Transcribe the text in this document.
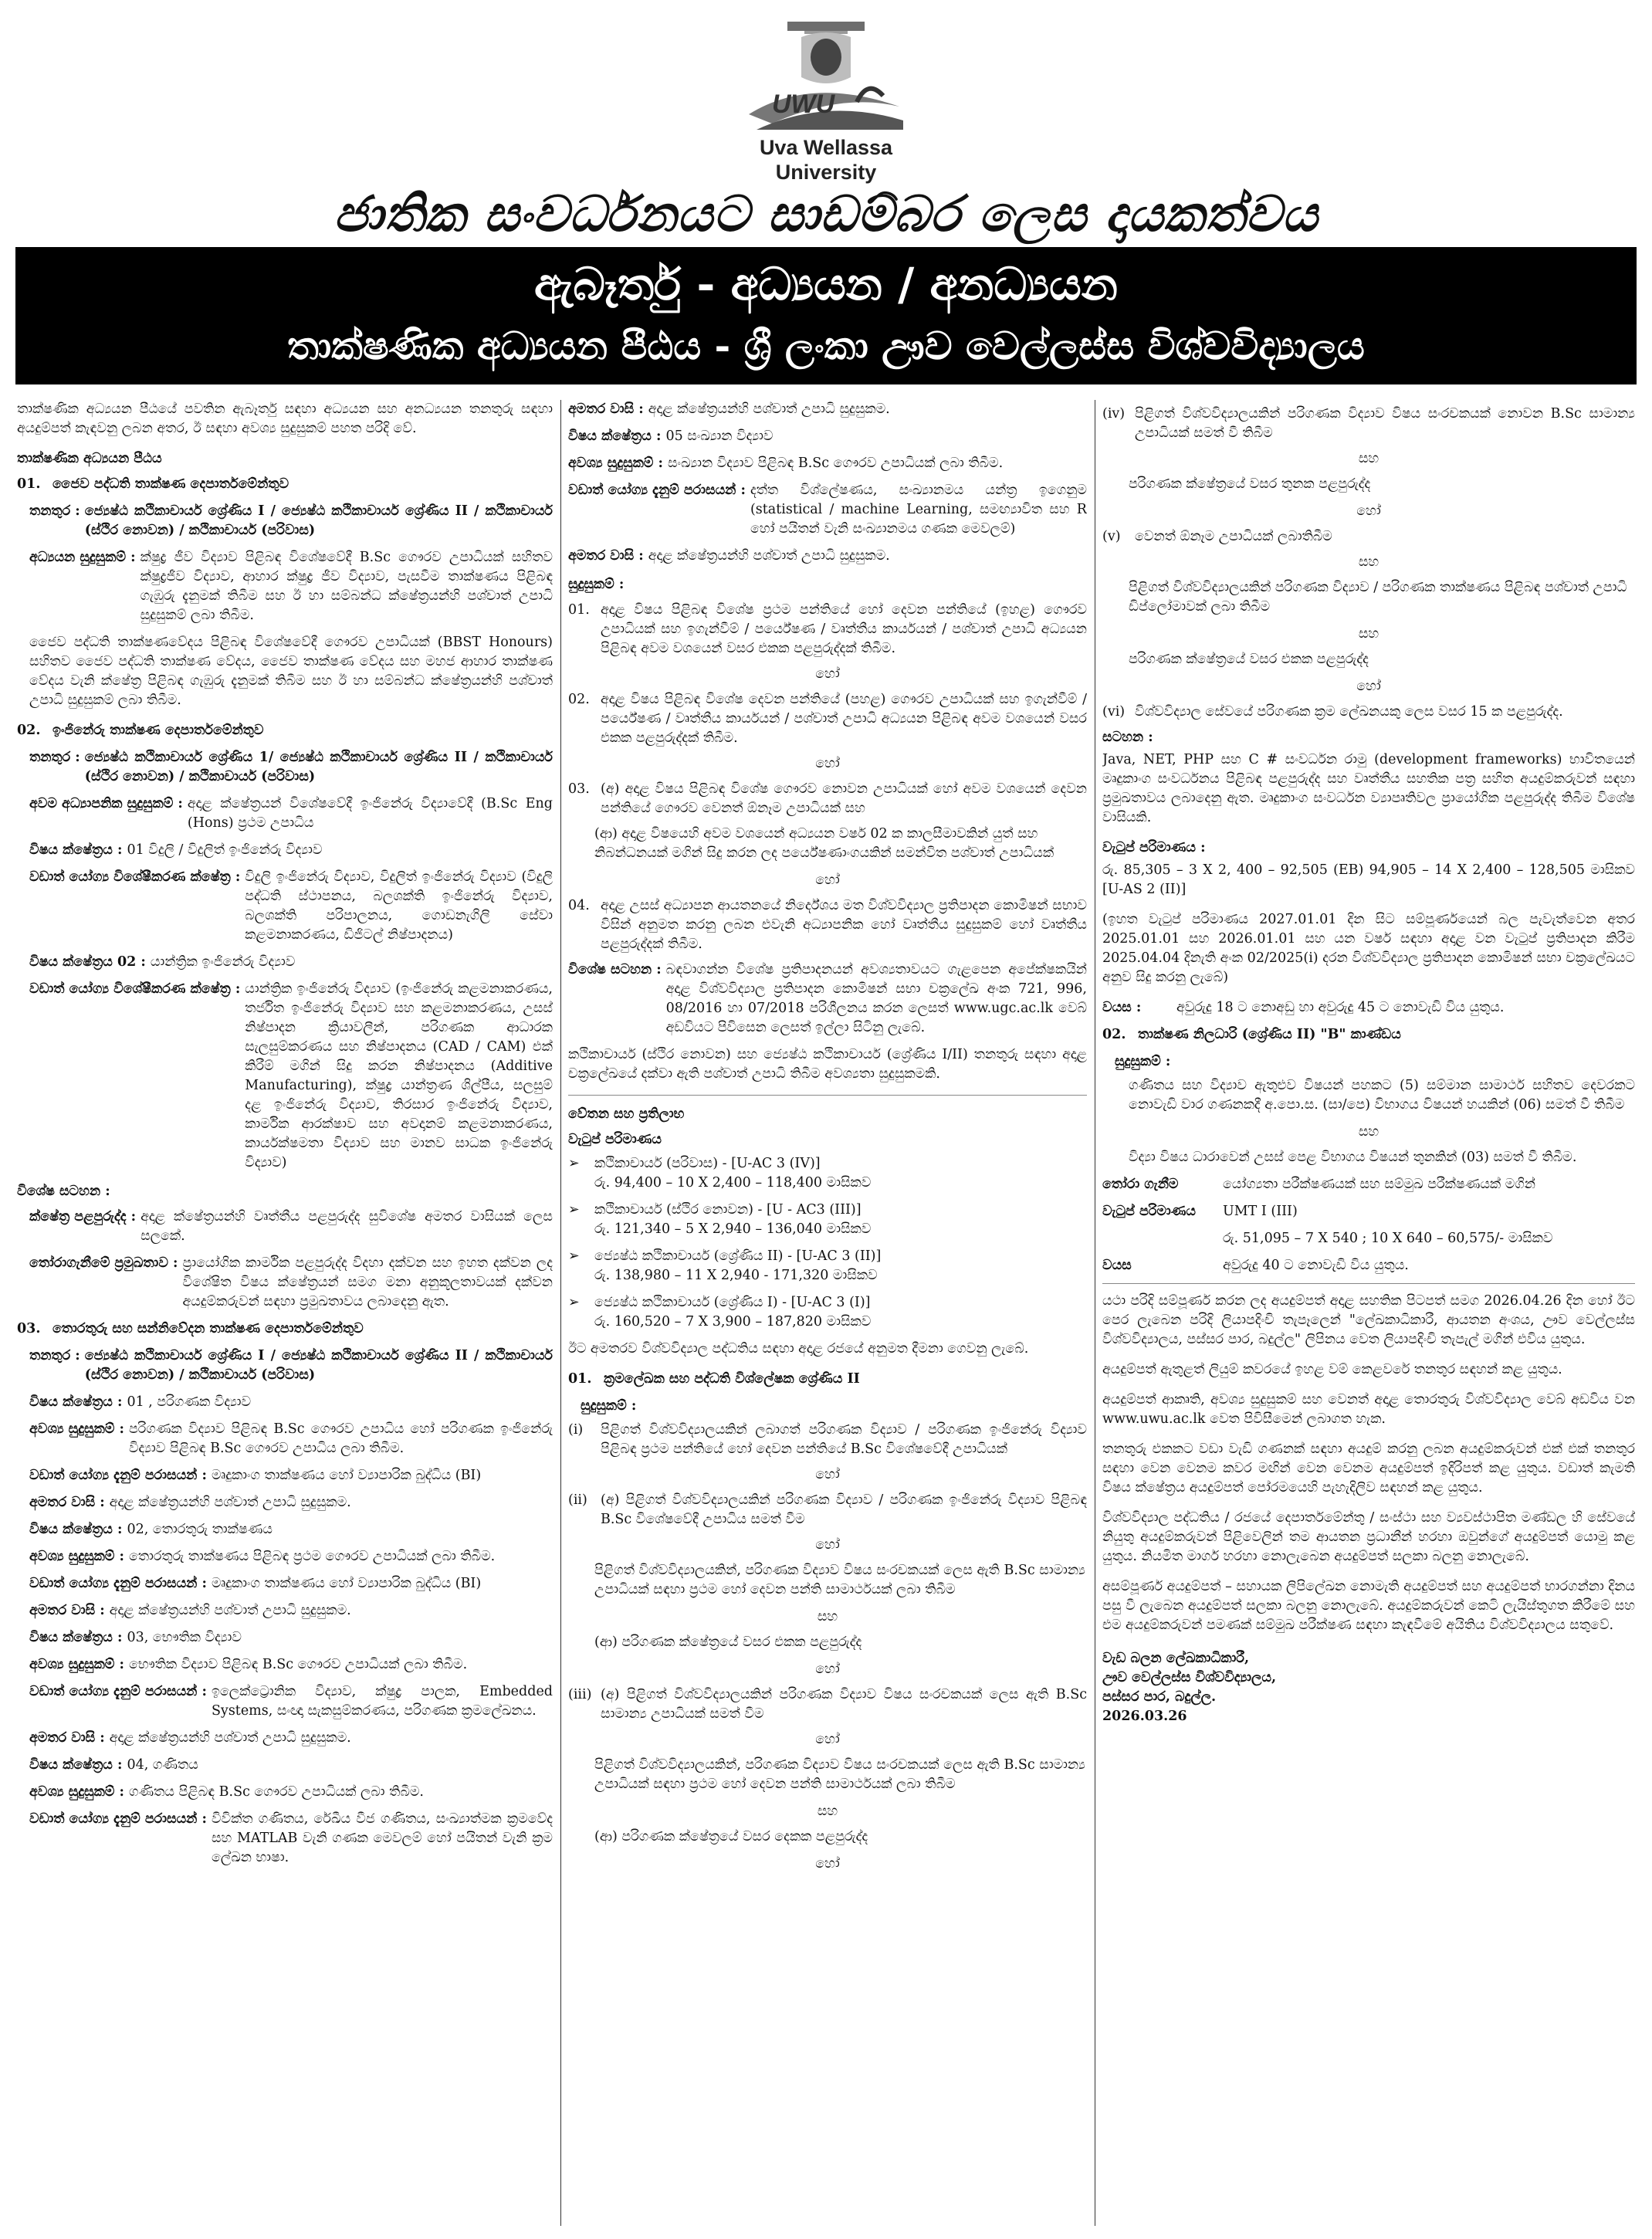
UWU
Uva Wellassa
University
ජාතික සංවර්ධනයට සාඩම්බර ලෙස දායකත්වය
ඇබෑර්තු - අධ්‍යයන / අනධ්‍යයන
තාක්ෂණික අධ්‍යයන පීඨය - ශ්‍රී ලංකා ඌව වෙල්ලස්ස විශ්වවිද්‍යාලය

තාක්ෂණික අධ්‍යයන පීඨයේ පවතින ඇබෑර්තු සඳහා අධ්‍යයන සහ අනධ්‍යයන තනතුරු සඳහා අයදුම්පත් කැඳවනු ලබන අතර, ඊ සඳහා අවශ්‍ය සුදුසුකම් පහත පරිදි වේ.

තාක්ෂණික අධ්‍යයන පීඨය
01. ජෛව පද්ධති තාක්ෂණ දෙපාර්තමේන්තුව
තනතුර : ජ්‍යෙෂ්ඨ කථිකාචාර්ය ශ්‍රේණිය I / ජ්‍යෙෂ්ඨ කථිකාචාර්ය ශ්‍රේණිය II / කථිකාචාර්ය (ස්ථිර නොවන) / කථිකාචාර්ය (පරිවාස)
අධ්‍යයන සුදුසුකම් : ක්ෂුද්‍ර ජීව විද්‍යාව පිළිබඳ විශේෂවේදී B.Sc ගෞරව උපාධියක් සහිතව ක්ෂුද්‍රජීව විද්‍යාව, ආහාර ක්ෂුද්‍ර ජීව විද්‍යාව, පැසවීම තාක්ෂණය පිළිබඳ ගැඹුරු දැනුමක් තිබීම සහ ඊ හා සම්බන්ධ ක්ෂේත්‍රයන්හි පශ්චාත් උපාධි සුදුසුකම් ලබා තිබීම.

ජෛව පද්ධති තාක්ෂණවේදය පිළිබඳ විශේෂවේදී ගෞරව උපාධියක් (BBST Honours) සහිතව ජෛව පද්ධති තාක්ෂණ වේදය, ජෛව තාක්ෂණ වේදය සහ මහජ ආහාර තාක්ෂණ වේදය වැනි ක්ෂේත්‍ර පිළිබඳ ගැඹුරු දැනුමක් තිබීම සහ ඊ හා සම්බන්ධ ක්ෂේත්‍රයන්හි පශ්චාත් උපාධි සුදුසුකම් ලබා තිබීම.

02. ඉංජිනේරු තාක්ෂණ දෙපාර්තමේන්තුව
තනතුර : ජ්‍යෙෂ්ඨ කථිකාචාර්ය ශ්‍රේණිය 1/ ජ්‍යෙෂ්ඨ කථිකාචාර්ය ශ්‍රේණිය II / කථිකාචාර්ය (ස්ථිර නොවන) / කථිකාචාර්ය (පරිවාස)
අවම අධ්‍යාපනික සුදුසුකම් : අදාළ ක්ෂේත්‍රයන් විශේෂවේදී ඉංජිනේරු විද්‍යාවේදී (B.Sc Eng (Hons) ප්‍රථම උපාධිය
විෂය ක්ෂේත්‍රය : 01 විදුලි / විදුලිත් ඉංජිනේරු විද්‍යාව
වඩාත් යෝග්‍ය විශේෂීකරණ ක්ෂේත්‍ර : විදුලි ඉංජිනේරු විද්‍යාව, විදුලිත් ඉංජිනේරු විද්‍යාව (විදුලි පද්ධති ස්ථාපනය, බලශක්ති ඉංජිනේරු විද්‍යාව, බලශක්ති පරිපාලනය, ගොඩනැගිලි සේවා කළමනාකරණය, ඩිජිටල් නිෂ්පාදනය)
විෂය ක්ෂේත්‍රය 02 : යාන්ත්‍රික ඉංජිනේරු විද්‍යාව
වඩාත් යෝග්‍ය විශේෂීකරණ ක්ෂේත්‍ර : යාන්ත්‍රික ඉංජිනේරු විද්‍යාව (ඉංජිනේරු කළමනාකරණය, තර්ජිත ඉංජිනේරු විද්‍යාව සහ කළමනාකරණය, උසස් නිෂ්පාදන ක්‍රියාවලීන්, පරිගණක ආධාරක සැලසුම්කරණය සහ නිෂ්පාදනය (CAD / CAM) එක් කිරීම් මගින් සිදු කරන නිෂ්පාදනය (Additive Manufacturing), ක්ෂුද්‍ර යාන්ත්‍රණ ශිල්පීය, සලසුම් දළ ඉංජිනේරු විද්‍යාව, තිරසාර ඉංජිනේරු විද්‍යාව, කාර්මික ආරක්ෂාව සහ අවදානම් කළමනාකරණය, කාර්යක්ෂමතා විද්‍යාව සහ මානව සාධක ඉංජිනේරු විද්‍යාව)
විශේෂ සටහන :
ක්ෂේත්‍ර පළපුරුද්ද : අදාළ ක්ෂේත්‍රයන්හි වෘත්තීය පළපුරුද්ද සුවිශේෂ අමතර වාසියක් ලෙස සලකේ.
තෝරාගැනීමේ ප්‍රමුඛතාව : ප්‍රායෝගික කාර්මික පළපුරුද්ද විදහා දක්වන සහ ඉහත දක්වන ලද විශේෂිත විෂය ක්ෂේත්‍රයන් සමග මනා අනුකූලතාවයක් දක්වන අයදුම්කරුවන් සඳහා ප්‍රමුඛතාවය ලබාදෙනු ඇත.
03. තොරතුරු සහ සන්නිවේදන තාක්ෂණ දෙපාර්තමේන්තුව
තනතුර : ජ්‍යෙෂ්ඨ කථිකාචාර්ය ශ්‍රේණිය I / ජ්‍යෙෂ්ඨ කථිකාචාර්ය ශ්‍රේණිය II / කථිකාචාර්ය (ස්ථිර නොවන) / කථිකාචාර්ය (පරිවාස)
විෂය ක්ෂේත්‍රය : 01 , පරිගණක විද්‍යාව
අවශ්‍ය සුදුසුකම් : පරිගණක විද්‍යාව පිළිබඳ B.Sc ගෞරව උපාධිය හෝ පරිගණක ඉංජිනේරු විද්‍යාව පිළිබඳ B.Sc ගෞරව උපාධිය ලබා තිබීම.
වඩාත් යෝග්‍ය දැනුම් පරාසයන් : මෘදුකාංග තාක්ෂණය හෝ ව්‍යාපාරික බුද්ධිය (BI)
අමතර වාසි : අදාළ ක්ෂේත්‍රයන්හි පශ්චාත් උපාධි සුදුසුකම.
විෂය ක්ෂේත්‍රය : 02, තොරතුරු තාක්ෂණය
අවශ්‍ය සුදුසුකම් : තොරතුරු තාක්ෂණය පිළිබඳ ප්‍රථම ගෞරව උපාධියක් ලබා තිබීම.
වඩාත් යෝග්‍ය දැනුම් පරාසයන් : මෘදුකාංග තාක්ෂණය හෝ ව්‍යාපාරික බුද්ධිය (BI)
අමතර වාසි : අදාළ ක්ෂේත්‍රයන්හි පශ්චාත් උපාධි සුදුසුකම.
විෂය ක්ෂේත්‍රය : 03, භෞතික විද්‍යාව
අවශ්‍ය සුදුසුකම් : භෞතික විද්‍යාව පිළිබඳ B.Sc ගෞරව උපාධියක් ලබා තිබීම.
වඩාත් යෝග්‍ය දැනුම් පරාසයන් : ඉලෙක්ට්‍රොනික විද්‍යාව, ක්ෂුද්‍ර පාලක, Embedded Systems, සංඥා සැකසුම්කරණය, පරිගණක ක්‍රමලේඛනය.
අමතර වාසි : අදාළ ක්ෂේත්‍රයන්හි පශ්චාත් උපාධි සුදුසුකම.
විෂය ක්ෂේත්‍රය : 04, ගණිතය
අවශ්‍ය සුදුසුකම් : ගණිතය පිළිබඳ B.Sc ගෞරව උපාධියක් ලබා තිබීම.
වඩාත් යෝග්‍ය දැනුම් පරාසයන් : විවික්ත ගණිතය, රේඛීය වීජ ගණිතය, සංඛ්‍යාත්මක ක්‍රමවේද සහ MATLAB වැනි ගණක මෙවලම් හෝ පයිතන් වැනි ක්‍රම ලේඛන භාෂා.
අමතර වාසි : අදාළ ක්ෂේත්‍රයන්හි පශ්චාත් උපාධි සුදුසුකම.
විෂය ක්ෂේත්‍රය : 05 සංඛ්‍යාන විද්‍යාව
අවශ්‍ය සුදුසුකම් : සංඛ්‍යාන විද්‍යාව පිළිබඳ B.Sc ගෞරව උපාධියක් ලබා තිබීම.
වඩාත් යෝග්‍ය දැනුම් පරාසයන් : දත්ත විශ්ලේෂණය, සංඛ්‍යානමය යන්ත්‍ර ඉගෙනුම (statistical / machine Learning, සමඟ්‍යාවිත සහ R හෝ පයිතන් වැනි සංඛ්‍යානමය ගණක මෙවලම්)
අමතර වාසි : අදාළ ක්ෂේත්‍රයන්හි පශ්චාත් උපාධි සුදුසුකම.
සුදුසුකම් :
01. අදාළ විෂය පිළිබඳ විශේෂ ප්‍රථම පන්තියේ හෝ දෙවන පන්තියේ (ඉහළ) ගෞරව උපාධියක් සහ ඉගැන්වීම් / පර්යේෂණ / වෘත්තීය කාර්යයන් / පශ්චාත් උපාධි අධ්‍යයන පිළිබඳ අවම වශයෙන් වසර එකක පළපුරුද්දක් තිබීම.
හෝ
02. අදාළ විෂය පිළිබඳ විශේෂ දෙවන පන්තියේ (පහළ) ගෞරව උපාධියක් සහ ඉගැන්වීම් / පර්යේෂණ / වෘත්තීය කාර්යයන් / පශ්චාත් උපාධි අධ්‍යයන පිළිබඳ අවම වශයෙන් වසර එකක පළපුරුද්දක් තිබීම.
හෝ
03. (අ) අදාළ විෂය පිළිබඳ විශේෂ ගෞරව නොවන උපාධියක් හෝ අවම වශයෙන් දෙවන පන්තියේ ගෞරව වෙනත් ඕනෑම උපාධියක් සහ
(ආ) අදාළ විෂයෙහි අවම වශයෙන් අධ්‍යයන වර්ෂ 02 ක කාලසීමාවකින් යුත් සහ නිබන්ධනයක් මගින් සිදු කරන ලද පර්යේෂණාංගයකින් සමන්විත පශ්චාත් උපාධියක්
හෝ
04. අදාළ උසස් අධ්‍යාපන ආයතනයේ නිර්දේශය මත විශ්වවිද්‍යාල ප්‍රතිපාදන කොමිෂන් සභාව විසින් අනුමත කරනු ලබන එවැනි අධ්‍යාපනික හෝ වෘත්තීය සුදුසුකම් හෝ වෘත්තීය පළපුරුද්දක් තිබීම.
විශේෂ සටහන : බඳවාගන්න විශේෂ ප්‍රතිපාදනයන් අවශ්‍යතාවයට ගැළපෙන අපේක්ෂකයින් අදාළ විශ්වවිද්‍යාල ප්‍රතිපාදන කොමිෂන් සභා චක්‍රලේඛ අංක 721, 996, 08/2016 හා 07/2018 පරිශීලනය කරන ලෙසත් www.ugc.ac.lk වෙබ් අඩවියට පිවිසෙන ලෙසත් ඉල්ලා සිටිනු ලැබේ.

කථිකාචාර්ය (ස්ථිර නොවන) සහ ජ්‍යෙෂ්ඨ කථිකාචාර්ය (ශ්‍රේණිය I/II) තනතුරු සඳහා අදාළ චක්‍රලේඛයේ දක්වා ඇති පශ්චාත් උපාධි තිබීම අවශ්‍යතා සුදුසුකමකි.

වේතන සහ ප්‍රතිලාභ
වැටුප් පරිමාණය
➢	කථිකාචාර්ය (පරිවාස) - [U-AC 3 (IV)]
රු. 94,400 – 10 X 2,400 – 118,400 මාසිකව
➢	කථිකාචාර්ය (ස්ථිර නොවන) - [U - AC3 (III)]
රු. 121,340 – 5 X 2,940 – 136,040 මාසිකව
➢	ජ්‍යෙෂ්ඨ කථිකාචාර්ය (ශ්‍රේණිය II) - [U-AC 3 (II)]
රු. 138,980 – 11 X 2,940 - 171,320 මාසිකව
➢	ජ්‍යෙෂ්ඨ කථිකාචාර්ය (ශ්‍රේණිය I) - [U-AC 3 (I)]
රු. 160,520 – 7 X 3,900 – 187,820 මාසිකව

ඊට අමතරව විශ්වවිද්‍යාල පද්ධතිය සඳහා අදාළ රජයේ අනුමත දීමනා ගෙවනු ලැබේ.

01. ක්‍රමලේඛක සහ පද්ධති විශ්ලේෂක ශ්‍රේණිය II
සුදුසුකම් :
(i)	පිළිගත් විශ්වවිද්‍යාලයකින් ලබාගත් පරිගණක විද්‍යාව / පරිගණක ඉංජිනේරු විද්‍යාව පිළිබඳ ප්‍රථම පන්තියේ හෝ දෙවන පන්තියේ B.Sc විශේෂවේදී උපාධියක්
හෝ
(ii) (අ) පිළිගත් විශ්වවිද්‍යාලයකින් පරිගණක විද්‍යාව / පරිගණක ඉංජිනේරු විද්‍යාව පිළිබඳ B.Sc විශේෂවේදී උපාධිය සමත් වීම
හෝ
පිළිගත් විශ්වවිද්‍යාලයකින්, පරිගණක විද්‍යාව විෂය සංරචකයක් ලෙස ඇති B.Sc සාමාන්‍ය උපාධියක් සඳහා ප්‍රථම හෝ දෙවන පන්ති සාමාර්ථයක් ලබා තිබීම
සහ
(ආ) පරිගණක ක්ෂේත්‍රයේ වසර එකක පළපුරුද්ද
හෝ
(iii) (අ) පිළිගත් විශ්වවිද්‍යාලයකින් පරිගණක විද්‍යාව විෂය සංරචකයක් ලෙස ඇති B.Sc සාමාන්‍ය උපාධියක් සමත් වීම
හෝ
පිළිගත් විශ්වවිද්‍යාලයකින්, පරිගණක විද්‍යාව විෂය සංරචකයක් ලෙස ඇති B.Sc සාමාන්‍ය උපාධියක් සඳහා ප්‍රථම හෝ දෙවන පන්ති සාමාර්ථයක් ලබා තිබීම
සහ
(ආ) පරිගණක ක්ෂේත්‍රයේ වසර දෙකක පළපුරුද්ද
හෝ
(iv) පිළිගත් විශ්වවිද්‍යාලයකින් පරිගණක විද්‍යාව විෂය සංරචකයක් නොවන B.Sc සාමාන්‍ය උපාධියක් සමත් වී තිබීම
සහ
පරිගණක ක්ෂේත්‍රයේ වසර තුනක පළපුරුද්ද
හෝ
(v)	වෙනත් ඕනෑම උපාධියක් ලබාතිබීම
සහ
පිළිගත් විශ්වවිද්‍යාලයකින් පරිගණක විද්‍යාව / පරිගණක තාක්ෂණය පිළිබඳ පශ්චාත් උපාධි ඩිප්ලෝමාවක් ලබා තිබීම
සහ
පරිගණක ක්ෂේත්‍රයේ වසර එකක පළපුරුද්ද
හෝ
(vi) විශ්වවිද්‍යාල සේවයේ පරිගණක ක්‍රම ලේඛනයකු ලෙස වසර 15 ක පළපුරුද්ද.
සටහන :

Java, NET, PHP සහ C # සංවර්ධන රාමු (development frameworks) භාවිතයෙන් මෘදුකාංග සංවර්ධනය පිළිබඳ පළපුරුද්ද සහ වෘත්තීය සහතික පත්‍ර සහිත අයදුම්කරුවන් සඳහා ප්‍රමුඛතාවය ලබාදෙනු ඇත. මෘදුකාංග සංවර්ධන ව්‍යාපෘතිවල ප්‍රායෝගික පළපුරුද්ද තිබීම විශේෂ වාසියකි.

වැටුප් පරිමාණය :

රු. 85,305 – 3 X 2, 400 – 92,505 (EB) 94,905 – 14 X 2,400 – 128,505 මාසිකව [U-AS 2 (II)]

(ඉහත වැටුප් පරිමාණය 2027.01.01 දින සිට සම්පූර්ණයෙන් බල පැවැත්වෙන අතර 2025.01.01 සහ 2026.01.01 සහ යන වර්ෂ සඳහා අදාළ වන වැටුප් ප්‍රතිපාදන කිරීම 2025.04.04 දිනැති අංක 02/2025(i) දරන විශ්වවිද්‍යාල ප්‍රතිපාදන කොමිෂන් සභා චක්‍රලේඛයට අනුව සිදු කරනු ලැබේ)

වයස :	අවුරුදු 18 ට නොඅඩු හා අවුරුදු 45 ට නොවැඩි විය යුතුය.
02. තාක්ෂණ නිලධාරි (ශ්‍රේණිය II) "B" කාණ්ඩය
සුදුසුකම් :

ගණිතය සහ විද්‍යාව ඇතුළුව විෂයන් පහකට (5) සම්මාන සාමාර්ථ සහිතව දෙවරකට නොවැඩි වාර ගණනකදී අ.පො.ස. (සා/පෙ) විභාගය විෂයන් හයකින් (06) සමත් වී තිබීම

සහ

විද්‍යා විෂය ධාරාවෙන් උසස් පෙළ විභාගය විෂයන් තුනකින් (03) සමත් වී තිබීම.

තෝරා ගැනීම	යෝග්‍යතා පරීක්ෂණයක් සහ සම්මුඛ පරීක්ෂණයක් මගින්
වැටුප් පරිමාණය	UMT I (III)
රු. 51,095 – 7 X 540 ; 10 X 640 – 60,575/- මාසිකව
වයස	අවුරුදු 40 ට නොවැඩි විය යුතුය.

යථා පරිදි සම්පූර්ණ කරන ලද අයදුම්පත් අදාළ සහතික පිටපත් සමග 2026.04.26 දින හෝ ඊට පෙර ලැබෙන පරිදි ලියාපදිංචි තැපෑලෙන් "ලේඛකාධිකාරී, ආයතන අංශය, ඌව වෙල්ලස්ස විශ්වවිද්‍යාලය, පස්සර පාර, බදුල්ල" ලිපිනය වෙත ලියාපදිංචි තැපැල් මගින් එවිය යුතුය.

අයදුම්පත් ඇතුළත් ලියුම් කවරයේ ඉහළ වම් කෙළවරේ තනතුර සඳහන් කළ යුතුය.

අයදුම්පත් ආකෘති, අවශ්‍ය සුදුසුකම් සහ වෙනත් අදාළ තොරතුරු විශ්වවිද්‍යාල වෙබ් අඩවිය වන www.uwu.ac.lk වෙත පිවිසීමෙන් ලබාගත හැක.

තනතුරු එකකට වඩා වැඩි ගණනක් සඳහා අයදුම් කරනු ලබන අයදුම්කරුවන් එක් එක් තනතුර සඳහා වෙන වෙනම කවර මඟින් වෙන වෙනම අයදුම්පත් ඉදිරිපත් කළ යුතුය. වඩාත් කැමති විෂය ක්ෂේත්‍රය අයදුම්පත් පෝරමයෙහි පැහැදිලිව සඳහන් කළ යුතුය.

විශ්වවිද්‍යාල පද්ධතිය / රජයේ දෙපාර්තමේන්තු / සංස්ථා සහ ව්‍යවස්ථාපිත මණ්ඩල හි සේවයේ නියුතු අයදුම්කරුවන් පිළිවෙලින් තම ආයතන ප්‍රධානීන් හරහා ඔවුන්ගේ අයදුම්පත් යොමු කළ යුතුය. නියමිත මාර්ග හරහා නොලැබෙන අයදුම්පත් සලකා බලනු නොලැබේ.

අසම්පූර්ණ අයදුම්පත් – සහායක ලිපිලේඛන නොමැති අයදුම්පත් සහ අයදුම්පත් භාරගන්නා දිනය පසු වී ලැබෙන අයදුම්පත් සලකා බලනු නොලැබේ. අයදුම්කරුවන් කෙටි ලැයිස්තුගත කිරීමේ සහ එම අයදුම්කරුවන් පමණක් සම්මුඛ පරීක්ෂණ සඳහා කැඳවීමේ අයිතිය විශ්වවිද්‍යාලය සතුවේ.

වැඩ බලන ලේඛකාධිකාරී,

ඌව වෙල්ලස්ස විශ්වවිද්‍යාලය,

පස්සර පාර, බදුල්ල.

2026.03.26
